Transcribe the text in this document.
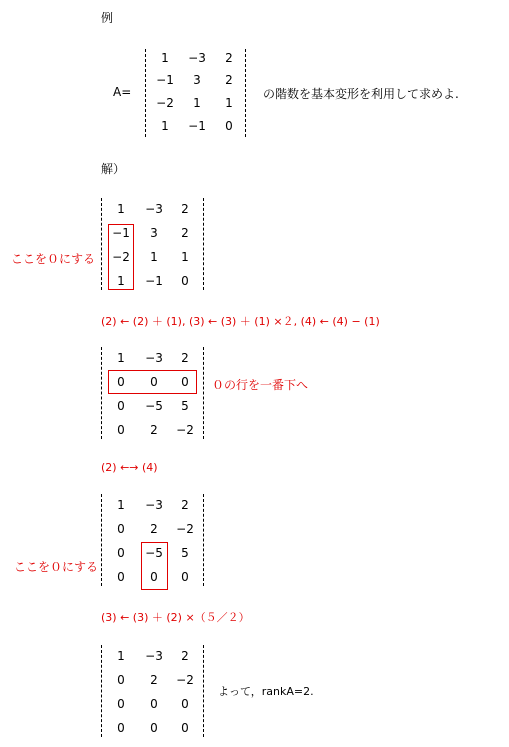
例
A=
1	−3	2
−1	3	2
−2	1	1
1	−1	0
の階数を基本変形を利用して求めよ.
解）
1	−3	2
−1	3	2
−2	1	1
1	−1	0
ここを０にする
(2) ← (2) ＋ (1), (3) ← (3) ＋ (1) ×２, (4) ← (4) − (1)
1	−3	2
0	0	0
0	−5	5
0	2	−2
０の行を一番下へ
(2) ←→ (4)
1	−3	2
0	2	−2
0	−5	5
0	0	0
ここを０にする
(3) ← (3) ＋ (2) ×（５／２）
1	−3	2
0	2	−2
0	0	0
0	0	0
よって，rankA=2.
